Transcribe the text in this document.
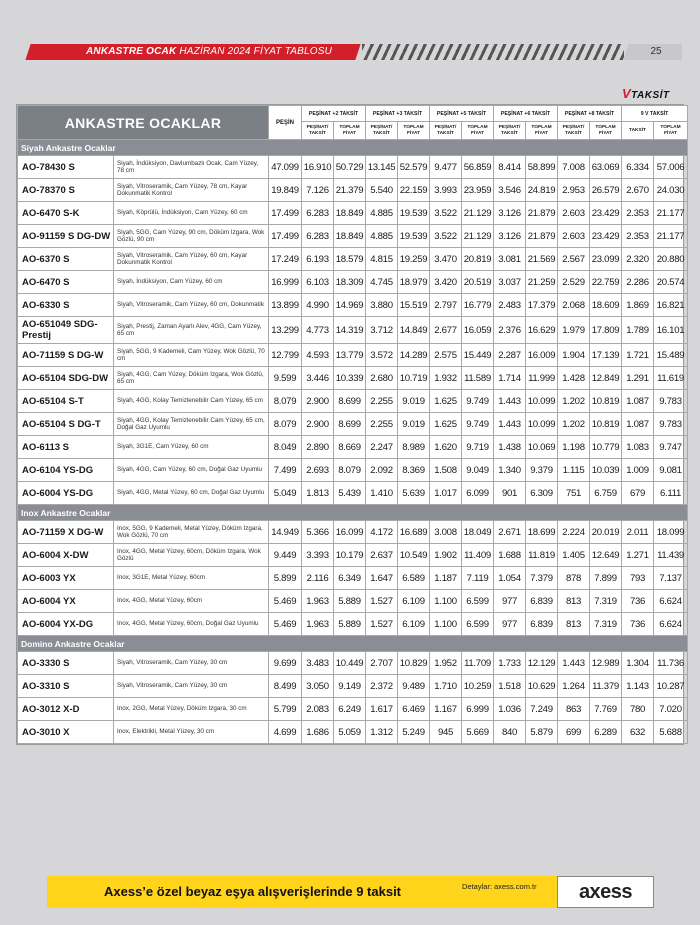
ANKASTRE OCAK HAZİRAN 2024 FİYAT TABLOSU	25
VTAKSİT
ANKASTRE OCAKLAR		PEŞİN	PEŞİNAT +2 TAKSİT		PEŞİNAT +3 TAKSİT		PEŞİNAT +5 TAKSİT		PEŞİNAT +6 TAKSİT		PEŞİNAT +8 TAKSİT		9 V TAKSİT	
			PEŞİNAT/ TAKSİT	TOPLAM FİYAT	PEŞİNAT/ TAKSİT	TOPLAM FİYAT	PEŞİNAT/ TAKSİT	TOPLAM FİYAT	PEŞİNAT/ TAKSİT	TOPLAM FİYAT	PEŞİNAT/ TAKSİT	TOPLAM FİYAT	TAKSİT	TOPLAM FİYAT
Siyah Ankastre Ocaklar														
AO-78430 S	Siyah, İndüksiyon, Davlumbazlı Ocak, Cam Yüzey, 78 cm	47.099	16.910	50.729	13.145	52.579	9.477	56.859	8.414	58.899	7.008	63.069	6.334	57.006
AO-78370 S	Siyah, Vitroseramik, Cam Yüzey, 78 cm, Kayar Dokunmatik Kontrol	19.849	7.126	21.379	5.540	22.159	3.993	23.959	3.546	24.819	2.953	26.579	2.670	24.030
AO-6470 S-K	Siyah, Köprülü, İndüksiyon, Cam Yüzey, 60 cm	17.499	6.283	18.849	4.885	19.539	3.522	21.129	3.126	21.879	2.603	23.429	2.353	21.177
AO-91159 S DG-DW	Siyah, 5GG, Cam Yüzey, 90 cm, Döküm Izgara, Wok Gözlü, 90 cm	17.499	6.283	18.849	4.885	19.539	3.522	21.129	3.126	21.879	2.603	23.429	2.353	21.177
AO-6370 S	Siyah, Vitroseramik, Cam Yüzey, 60 cm, Kayar Dokunmatik Kontrol	17.249	6.193	18.579	4.815	19.259	3.470	20.819	3.081	21.569	2.567	23.099	2.320	20.880
AO-6470 S	Siyah, İndüksiyon, Cam Yüzey, 60 cm	16.999	6.103	18.309	4.745	18.979	3.420	20.519	3.037	21.259	2.529	22.759	2.286	20.574
AO-6330 S	Siyah, Vitroseramik, Cam Yüzey, 60 cm, Dokunmatik	13.899	4.990	14.969	3.880	15.519	2.797	16.779	2.483	17.379	2.068	18.609	1.869	16.821
AO-651049 SDG-Prestij	Siyah, Prestij, Zaman Ayarlı Alev, 4GG, Cam Yüzey, 65 cm	13.299	4.773	14.319	3.712	14.849	2.677	16.059	2.376	16.629	1.979	17.809	1.789	16.101
AO-71159 S DG-W	Siyah, 5GG, 9 Kademeli, Cam Yüzey, Wok Gözlü, 70 cm	12.799	4.593	13.779	3.572	14.289	2.575	15.449	2.287	16.009	1.904	17.139	1.721	15.489
AO-65104 SDG-DW	Siyah, 4GG, Cam Yüzey, Döküm Izgara, Wok Gözlü, 65 cm	9.599	3.446	10.339	2.680	10.719	1.932	11.589	1.714	11.999	1.428	12.849	1.291	11.619
AO-65104 S-T	Siyah, 4GG, Kolay Temizlenebilir Cam Yüzey, 65 cm	8.079	2.900	8.699	2.255	9.019	1.625	9.749	1.443	10.099	1.202	10.819	1.087	9.783
AO-65104 S DG-T	Siyah, 4GG, Kolay Temizlenebilir Cam Yüzey, 65 cm, Doğal Gaz Uyumlu	8.079	2.900	8.699	2.255	9.019	1.625	9.749	1.443	10.099	1.202	10.819	1.087	9.783
AO-6113 S	Siyah, 3G1E, Cam Yüzey, 60 cm	8.049	2.890	8.669	2.247	8.989	1.620	9.719	1.438	10.069	1.198	10.779	1.083	9.747
AO-6104 YS-DG	Siyah, 4GG, Cam Yüzey, 60 cm, Doğal Gaz Uyumlu	7.499	2.693	8.079	2.092	8.369	1.508	9.049	1.340	9.379	1.115	10.039	1.009	9.081
AO-6004 YS-DG	Siyah, 4GG, Metal Yüzey, 60 cm, Doğal Gaz Uyumlu	5.049	1.813	5.439	1.410	5.639	1.017	6.099	901	6.309	751	6.759	679	6.111
Inox Ankastre Ocaklar														
AO-71159 X DG-W	Inox, 5GG, 9 Kademeli, Metal Yüzey, Döküm Izgara, Wok Gözlü, 70 cm	14.949	5.366	16.099	4.172	16.689	3.008	18.049	2.671	18.699	2.224	20.019	2.011	18.099
AO-6004 X-DW	Inox, 4GG, Metal Yüzey, 60cm, Döküm Izgara, Wok Gözlü	9.449	3.393	10.179	2.637	10.549	1.902	11.409	1.688	11.819	1.405	12.649	1.271	11.439
AO-6003 YX	Inox, 3G1E, Metal Yüzey, 60cm	5.899	2.116	6.349	1.647	6.589	1.187	7.119	1.054	7.379	878	7.899	793	7.137
AO-6004 YX	Inox, 4GG, Metal Yüzey, 60cm	5.469	1.963	5.889	1.527	6.109	1.100	6.599	977	6.839	813	7.319	736	6.624
AO-6004 YX-DG	Inox, 4GG, Metal Yüzey, 60cm, Doğal Gaz Uyumlu	5.469	1.963	5.889	1.527	6.109	1.100	6.599	977	6.839	813	7.319	736	6.624
Domino Ankastre Ocaklar														
AO-3330 S	Siyah, Vitroseramik, Cam Yüzey, 30 cm	9.699	3.483	10.449	2.707	10.829	1.952	11.709	1.733	12.129	1.443	12.989	1.304	11.736
AO-3310 S	Siyah, Vitroseramik, Cam Yüzey, 30 cm	8.499	3.050	9.149	2.372	9.489	1.710	10.259	1.518	10.629	1.264	11.379	1.143	10.287
AO-3012 X-D	Inox, 2GG, Metal Yüzey, Döküm Izgara, 30 cm	5.799	2.083	6.249	1.617	6.469	1.167	6.999	1.036	7.249	863	7.769	780	7.020
AO-3010 X	Inox, Elektrikli, Metal Yüzey, 30 cm	4.699	1.686	5.059	1.312	5.249	945	5.669	840	5.879	699	6.289	632	5.688
Axess’e özel beyaz eşya alışverişlerinde 9 taksit	Detaylar: axess.com.tr	axess
